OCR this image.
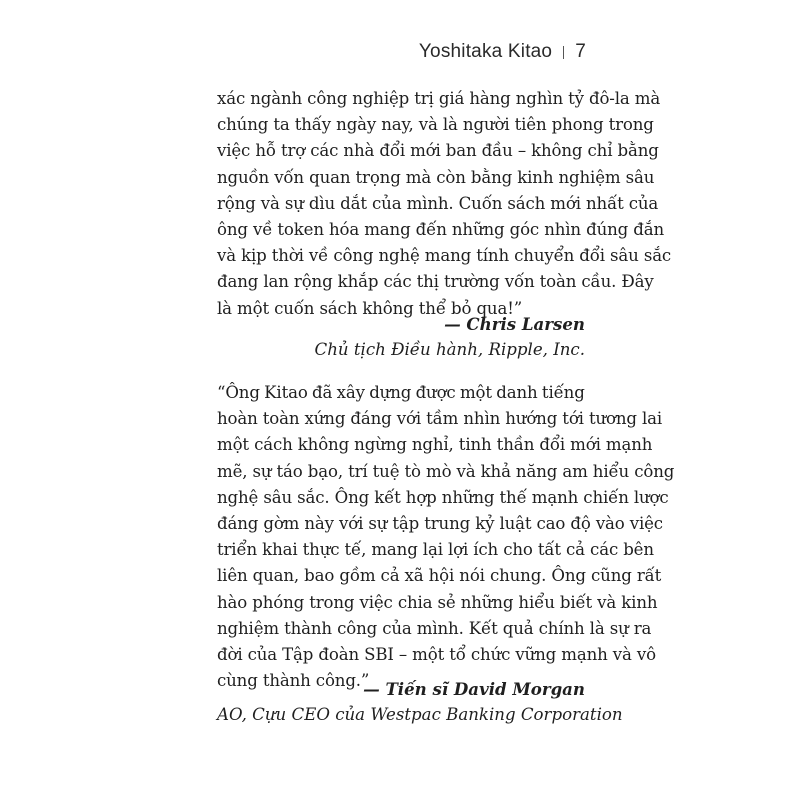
Yoshitaka Kitao 7

xác ngành công nghiệp trị giá hàng nghìn tỷ đô-la mà
chúng ta thấy ngày nay, và là người tiên phong trong
việc hỗ trợ các nhà đổi mới ban đầu – không chỉ bằng
nguồn vốn quan trọng mà còn bằng kinh nghiệm sâu
rộng và sự dìu dắt của mình. Cuốn sách mới nhất của
ông về token hóa mang đến những góc nhìn đúng đắn
và kịp thời về công nghệ mang tính chuyển đổi sâu sắc
đang lan rộng khắp các thị trường vốn toàn cầu. Đây
là một cuốn sách không thể bỏ qua!”

— Chris Larsen
Chủ tịch Điều hành, Ripple, Inc.

“Ông Kitao đã xây dựng được một danh tiếng
hoàn toàn xứng đáng với tầm nhìn hướng tới tương lai
một cách không ngừng nghỉ, tinh thần đổi mới mạnh
mẽ, sự táo bạo, trí tuệ tò mò và khả năng am hiểu công
nghệ sâu sắc. Ông kết hợp những thế mạnh chiến lược
đáng gờm này với sự tập trung kỷ luật cao độ vào việc
triển khai thực tế, mang lại lợi ích cho tất cả các bên
liên quan, bao gồm cả xã hội nói chung. Ông cũng rất
hào phóng trong việc chia sẻ những hiểu biết và kinh
nghiệm thành công của mình. Kết quả chính là sự ra
đời của Tập đoàn SBI – một tổ chức vững mạnh và vô
cùng thành công.”

— Tiến sĩ David Morgan
AO, Cựu CEO của Westpac Banking Corporation
